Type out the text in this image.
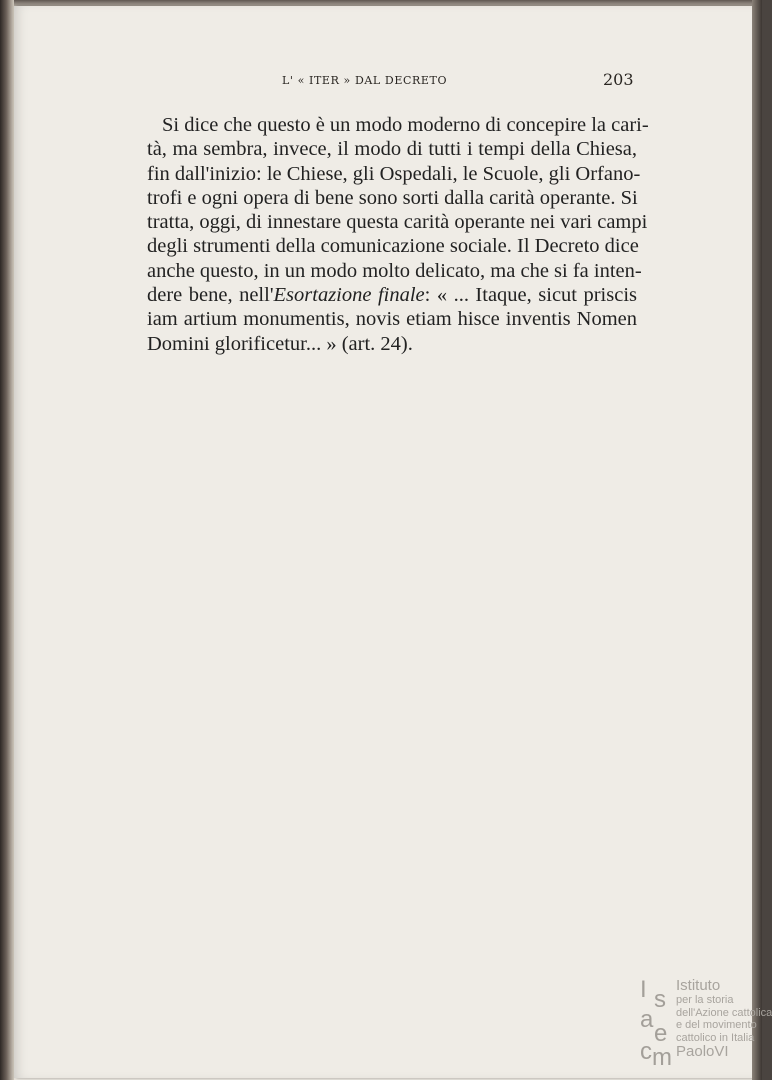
L' « ITER » DAL DECRETO	203

Si dice che questo è un modo moderno di concepire la cari-
tà, ma sembra, invece, il modo di tutti i tempi della Chiesa,
fin dall'inizio: le Chiese, gli Ospedali, le Scuole, gli Orfano-
trofi e ogni opera di bene sono sorti dalla carità operante. Si
tratta, oggi, di innestare questa carità operante nei vari campi
degli strumenti della comunicazione sociale. Il Decreto dice
anche questo, in un modo molto delicato, ma che si fa inten-
dere bene, nell'Esortazione finale: « ... Itaque, sicut priscis
iam artium monumentis, novis etiam hisce inventis Nomen
Domini glorificetur... » (art. 24).

I s
a
e
c m
Istituto
per la storia
dell'Azione cattolica
e del movimento
cattolico in Italia
PaoloVI
